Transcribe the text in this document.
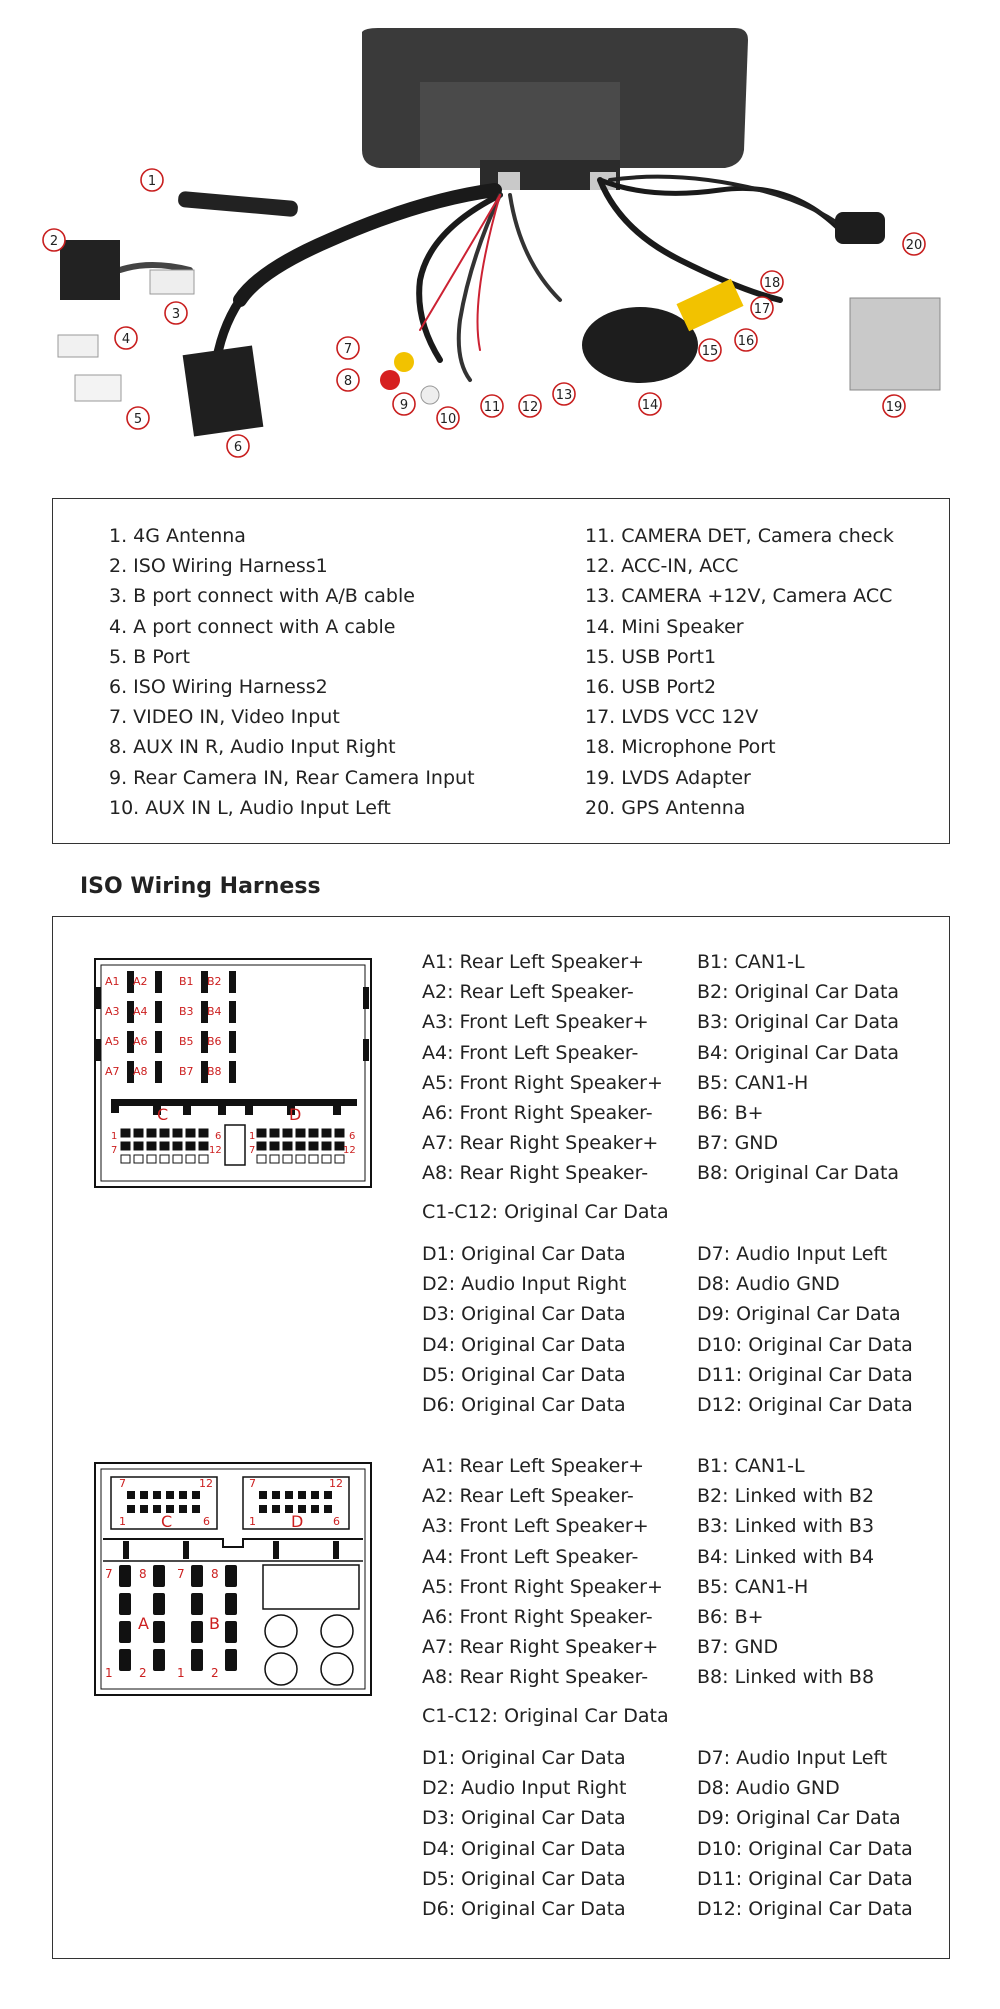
1
2
3
4
5
6
7
8
9
10
11 12
13
14
15
16
17
18
19
20
1. 4G Antenna
2. ISO Wiring Harness1
3. B port connect with A/B cable
4. A port connect with A cable
5. B Port
6. ISO Wiring Harness2
7. VIDEO IN, Video Input
8. AUX IN R, Audio Input Right
9. Rear Camera IN, Rear Camera Input
10. AUX IN L, Audio Input Left
11. CAMERA DET, Camera check
12. ACC-IN, ACC
13. CAMERA +12V, Camera ACC
14. Mini Speaker
15. USB Port1
16. USB Port2
17. LVDS VCC 12V
18. Microphone Port
19. LVDS Adapter
20. GPS Antenna
ISO Wiring Harness
A1 A2	B1 B2
A3 A4	B3 B4
A5 A6	B5 B6
A7 A8	B7 B8
C	D
1
7
6
12
1
7
6
12
A1: Rear Left Speaker+
A2: Rear Left Speaker-
A3: Front Left Speaker+
A4: Front Left Speaker-
A5: Front Right Speaker+
A6: Front Right Speaker-
A7: Rear Right Speaker+
A8: Rear Right Speaker-
B1: CAN1-L
B2: Original Car Data
B3: Original Car Data
B4: Original Car Data
B5: CAN1-H
B6: B+
B7: GND
B8: Original Car Data
C1-C12: Original Car Data
D1: Original Car Data
D2: Audio Input Right
D3: Original Car Data
D4: Original Car Data
D5: Original Car Data
D6: Original Car Data
D7: Audio Input Left
D8: Audio GND
D9: Original Car Data
D10: Original Car Data
D11: Original Car Data
D12: Original Car Data
7	12
1	6
C
7	12
1	6
D
7 8	7 8
1 2	1 2
A	B
A1: Rear Left Speaker+
A2: Rear Left Speaker-
A3: Front Left Speaker+
A4: Front Left Speaker-
A5: Front Right Speaker+
A6: Front Right Speaker-
A7: Rear Right Speaker+
A8: Rear Right Speaker-
B1: CAN1-L
B2: Linked with B2
B3: Linked with B3
B4: Linked with B4
B5: CAN1-H
B6: B+
B7: GND
B8: Linked with B8
C1-C12: Original Car Data
D1: Original Car Data
D2: Audio Input Right
D3: Original Car Data
D4: Original Car Data
D5: Original Car Data
D6: Original Car Data
D7: Audio Input Left
D8: Audio GND
D9: Original Car Data
D10: Original Car Data
D11: Original Car Data
D12: Original Car Data
